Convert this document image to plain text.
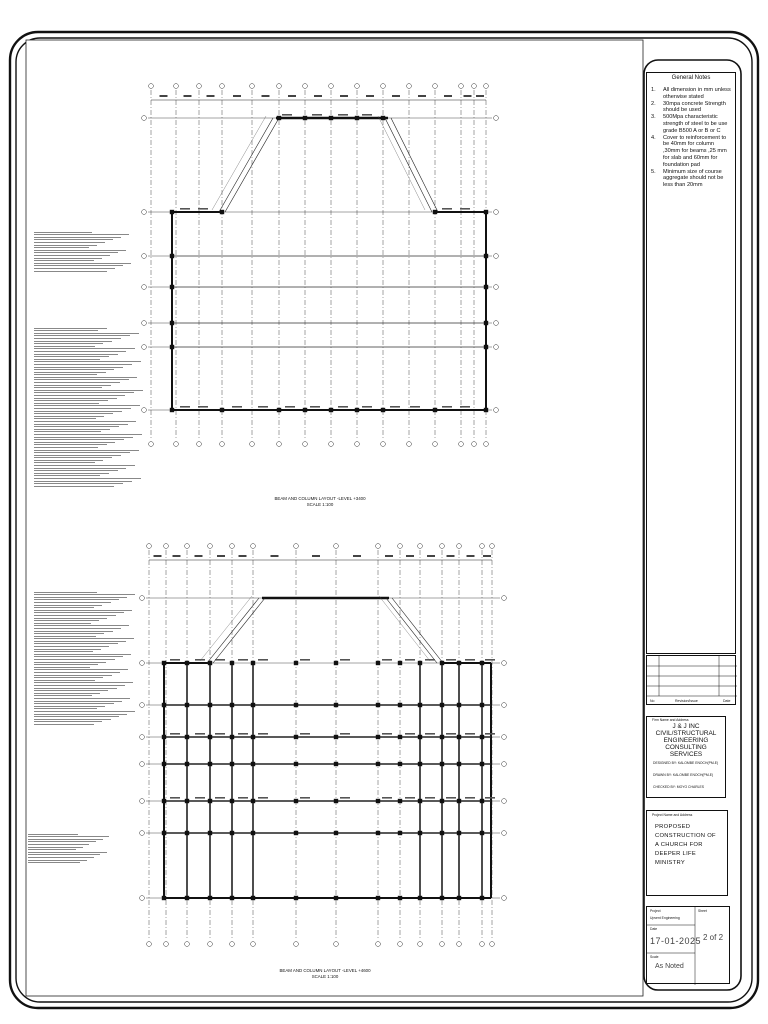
General Notes
1.	All dimension in mm unless otherwise stated
2.	30mpa concrete Strength should be used
3.	500Mpa characteristic strength of steel to be use grade B500 A or B or C
4.	Cover to reinforcement to be 40mm for column ,30mm for beams ,25 mm for slab and 60mm for foundation pad
5.	Minimum size of course aggregate should not be less than 20mm
No	Revision/Issue	Date
Firm Name and Address
J & J INC CIVIL/STRUCTURAL ENGINEERING CONSULTING SERVICES
DESIGNED BY: KALOMBE ENOCH(PM-E)
DRAWN BY: KALOMBE ENOCH(PM-E)
CHECKED BY: MOYO CHARLES
Project Name and Address
PROPOSED CONSTRUCTION OF A CHURCH FOR DEEPER LIFE MINISTRY
Project
Upvent Engineering
Sheet
2 of 2
Date
17-01-2025
Scale
As Noted
BEAM AND COLUMN LAYOUT -LEVEL +3400
SCALE 1:100
BEAM AND COLUMN LAYOUT -LEVEL +4600
SCALE 1:100
